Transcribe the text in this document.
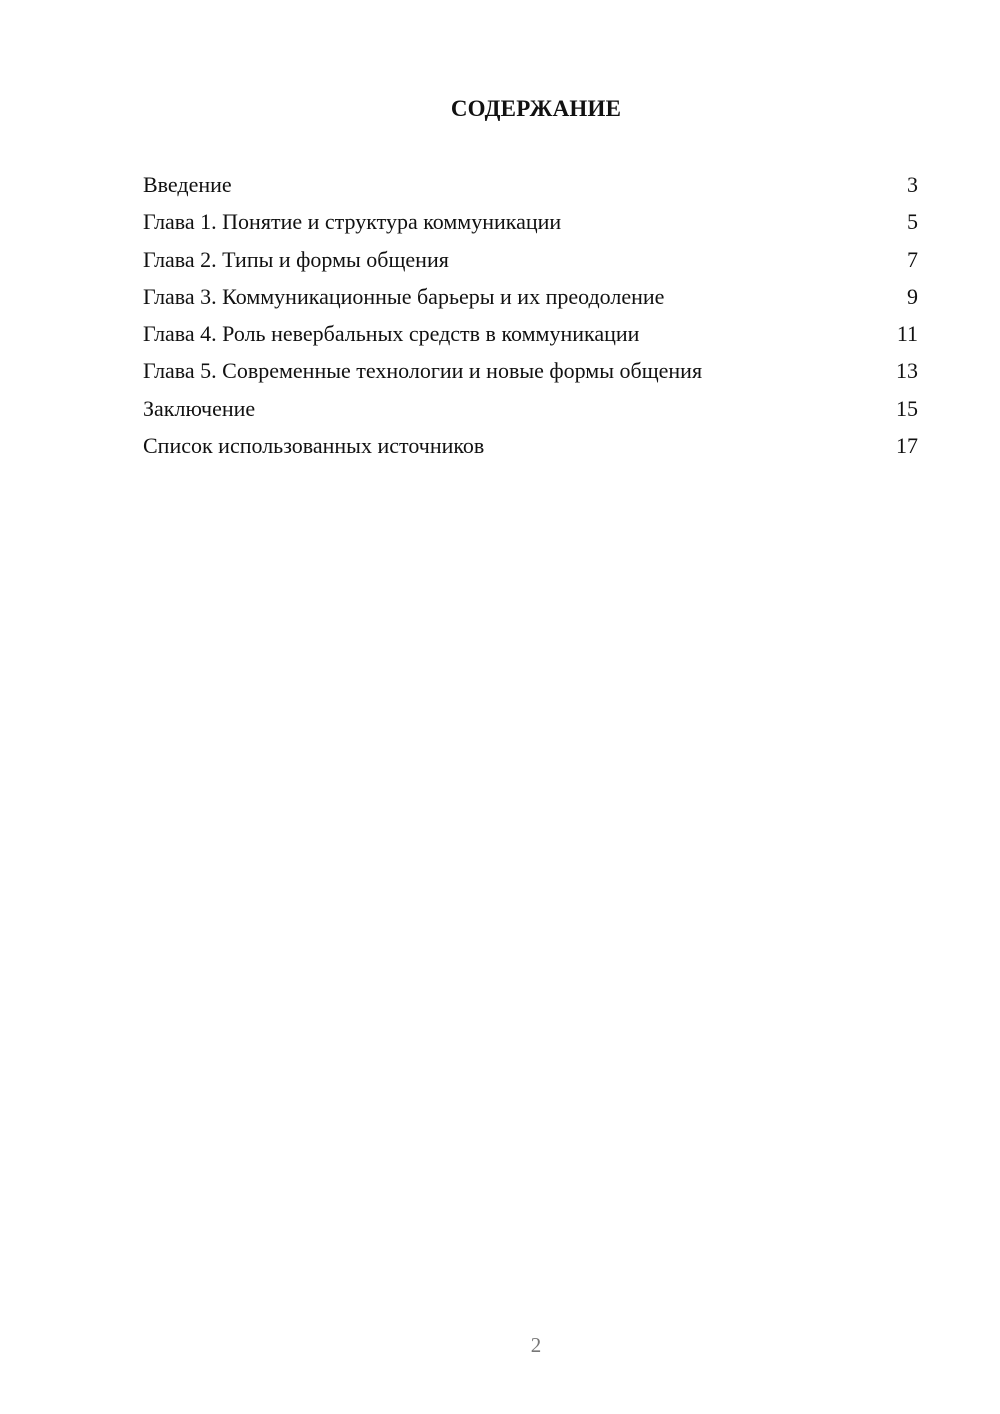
СОДЕРЖАНИЕ
Введение	3
Глава 1. Понятие и структура коммуникации	5
Глава 2. Типы и формы общения	7
Глава 3. Коммуникационные барьеры и их преодоление	9
Глава 4. Роль невербальных средств в коммуникации	11
Глава 5. Современные технологии и новые формы общения	13
Заключение	15
Список использованных источников	17
2
